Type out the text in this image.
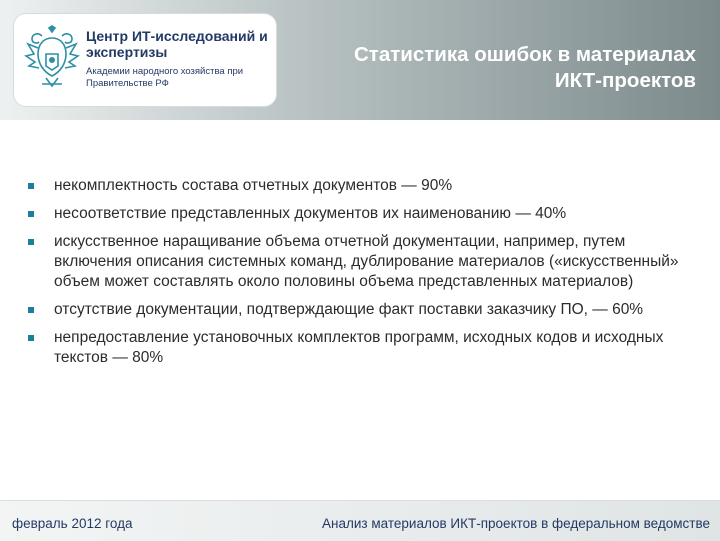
Центр ИТ-исследований и экспертизы
Академии народного хозяйства при Правительстве РФ
Статистика ошибок в материалах ИКТ-проектов
некомплектность состава отчетных документов — 90%
несоответствие представленных документов их наименованию — 40%
искусственное наращивание объема отчетной документации, например, путем включения описания системных команд, дублирование материалов («искусственный» объем может составлять около половины объема представленных материалов)
отсутствие документации, подтверждающие факт поставки заказчику ПО, — 60%
непредоставление установочных комплектов программ, исходных кодов и исходных текстов — 80%
февраль 2012 года	Анализ материалов ИКТ-проектов в федеральном ведомстве
